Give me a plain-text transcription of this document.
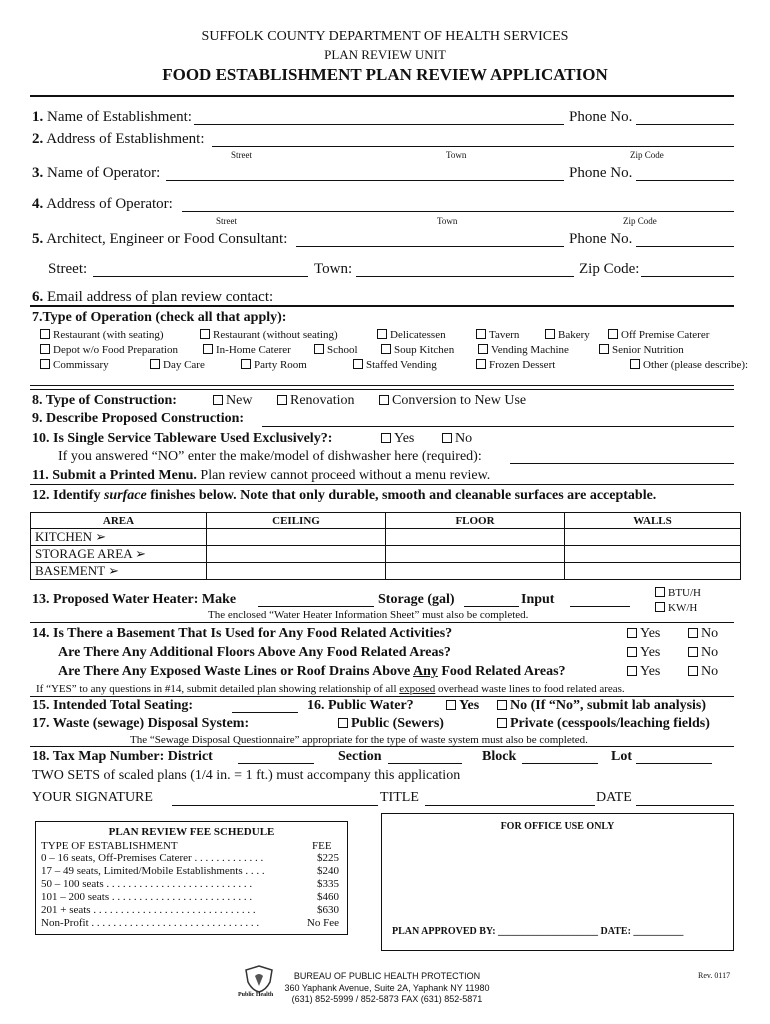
SUFFOLK COUNTY DEPARTMENT OF HEALTH SERVICES
PLAN REVIEW UNIT
FOOD ESTABLISHMENT PLAN REVIEW APPLICATION
1. Name of Establishment:	Phone No.
2. Address of Establishment:
Street	Town	Zip Code
3. Name of Operator:	Phone No.
4. Address of Operator:
Street	Town	Zip Code
5. Architect, Engineer or Food Consultant:	Phone No.
Street:	Town:	Zip Code:
6. Email address of plan review contact:
7.Type of Operation (check all that apply):
Restaurant (with seating)	Restaurant (without seating)	Delicatessen	Tavern	Bakery	Off Premise Caterer
Depot w/o Food Preparation	In-Home Caterer	School	Soup Kitchen	Vending Machine	Senior Nutrition
Commissary	Day Care	Party Room	Staffed Vending	Frozen Dessert	Other (please describe):
8. Type of Construction:	New	Renovation	Conversion to New Use
9. Describe Proposed Construction:
10. Is Single Service Tableware Used Exclusively?:	Yes	No
If you answered “NO” enter the make/model of dishwasher here (required):
11. Submit a Printed Menu. Plan review cannot proceed without a menu review.
12. Identify surface finishes below. Note that only durable, smooth and cleanable surfaces are acceptable.
AREA	CEILING	FLOOR	WALLS
KITCHEN ➢			
STORAGE AREA ➢			
BASEMENT ➢			
13. Proposed Water Heater: Make	Storage (gal)	Input	BTU/H
KW/H
The enclosed “Water Heater Information Sheet” must also be completed.
14. Is There a Basement That Is Used for Any Food Related Activities?
Are There Any Additional Floors Above Any Food Related Areas?
Are There Any Exposed Waste Lines or Roof Drains Above Any Food Related Areas?
Yes	No
Yes	No
Yes	No
If “YES” to any questions in #14, submit detailed plan showing relationship of all exposed overhead waste lines to food related areas.
15. Intended Total Seating:	16. Public Water?	Yes	No (If “No”, submit lab analysis)
17. Waste (sewage) Disposal System:	Public (Sewers)	Private (cesspools/leaching fields)
The “Sewage Disposal Questionnaire” appropriate for the type of waste system must also be completed.
18. Tax Map Number: District	Section	Block	Lot
TWO SETS of scaled plans (1/4 in. = 1 ft.) must accompany this application
YOUR SIGNATURE	TITLE	DATE
PLAN REVIEW FEE SCHEDULE
TYPE OF ESTABLISHMENT	FEE
0 – 16 seats, Off-Premises Caterer . . . . . . . . . . . . .	$225
17 – 49 seats, Limited/Mobile Establishments . . . .	$240
50 – 100 seats . . . . . . . . . . . . . . . . . . . . . . . . . . .	$335
101 – 200 seats . . . . . . . . . . . . . . . . . . . . . . . . . .	$460
201 + seats . . . . . . . . . . . . . . . . . . . . . . . . . . . . . .	$630
Non-Profit . . . . . . . . . . . . . . . . . . . . . . . . . . . . . . .	No Fee
FOR OFFICE USE ONLY
PLAN APPROVED BY: ____________________ DATE: __________
Public Health
BUREAU OF PUBLIC HEALTH PROTECTION
360 Yaphank Avenue, Suite 2A, Yaphank NY 11980
(631) 852-5999 / 852-5873 FAX (631) 852-5871
Rev. 0117
